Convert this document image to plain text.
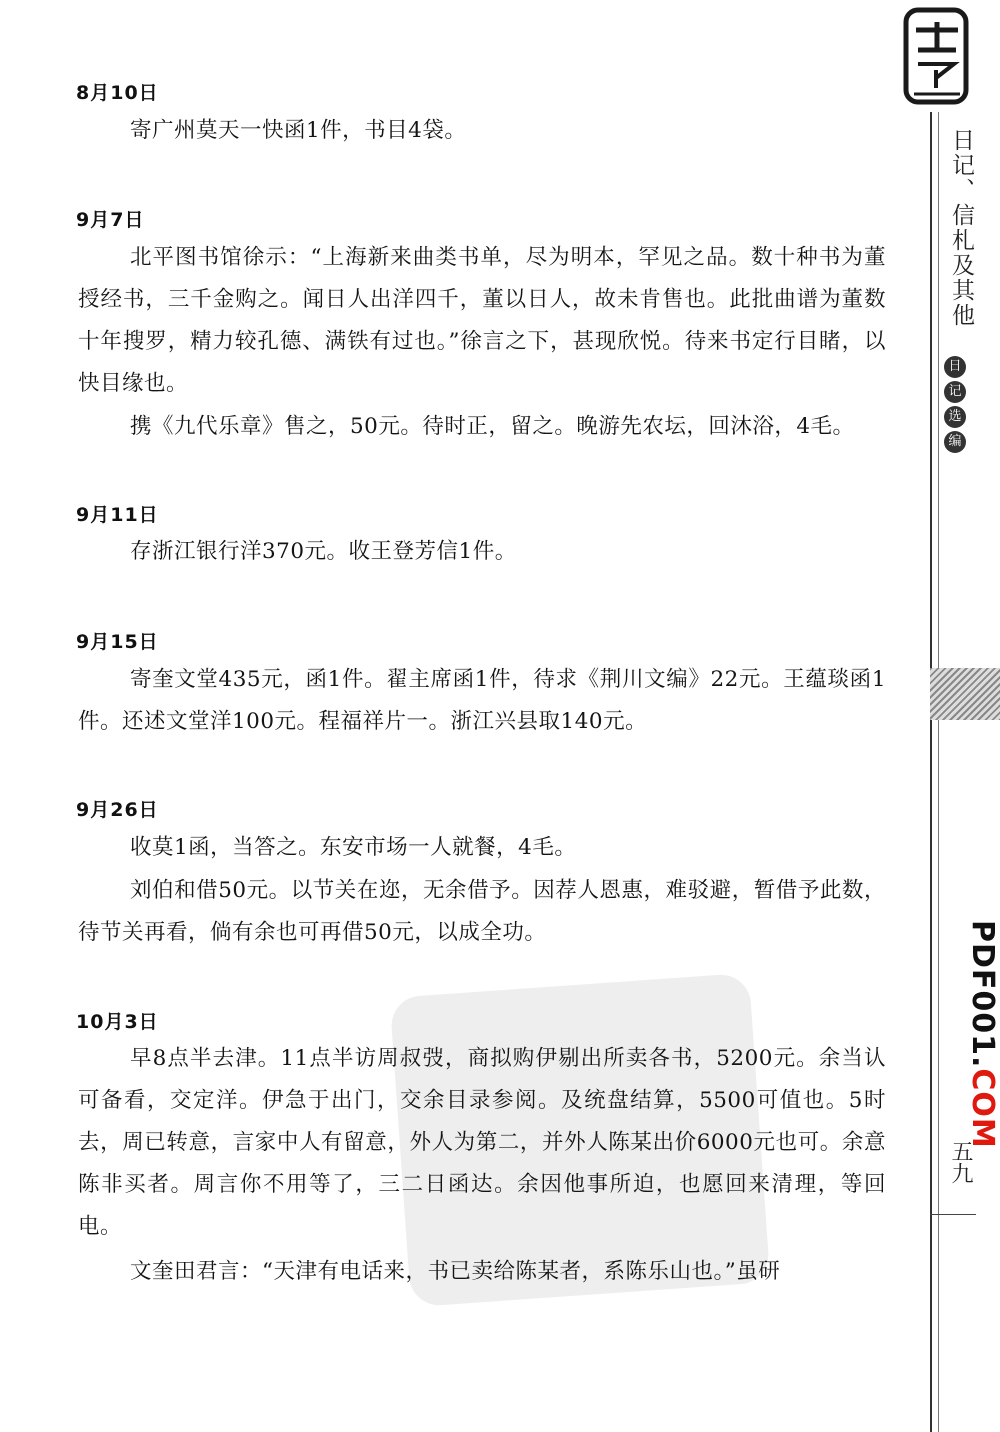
8月10日

寄广州莫天一快函1件，书目4袋。

9月7日

北平图书馆徐示：“上海新来曲类书单，尽为明本，罕见之品。数十种书为董授经书，三千金购之。闻日人出洋四千，董以日人，故未肯售也。此批曲谱为董数十年搜罗，精力较孔德、满铁有过也。”徐言之下，甚现欣悦。待来书定行目睹，以快目缘也。

携《九代乐章》售之，50元。待时正，留之。晚游先农坛，回沐浴，4毛。

9月11日

存浙江银行洋370元。收王登芳信1件。

9月15日

寄奎文堂435元，函1件。翟主席函1件，待求《荆川文编》22元。王蕴琰函1件。还述文堂洋100元。程福祥片一。浙江兴县取140元。

9月26日

收莫1函，当答之。东安市场一人就餐，4毛。

刘伯和借50元。以节关在迩，无余借予。因荐人恩惠，难驳避，暂借予此数，待节关再看，倘有余也可再借50元，以成全功。

10月3日

早8点半去津。11点半访周叔弢，商拟购伊剔出所卖各书，5200元。余当认可备看，交定洋。伊急于出门，交余目录参阅。及统盘结算，5500可值也。5时去，周已转意，言家中人有留意，外人为第二，并外人陈某出价6000元也可。余意陈非买者。周言你不用等了，三二日函达。余因他事所迫，也愿回来清理，等回电。

文奎田君言：“天津有电话来，书已卖给陈某者，系陈乐山也。”虽研

日记、信札及其他
日
记
选
编
PDF001.COM
五九
